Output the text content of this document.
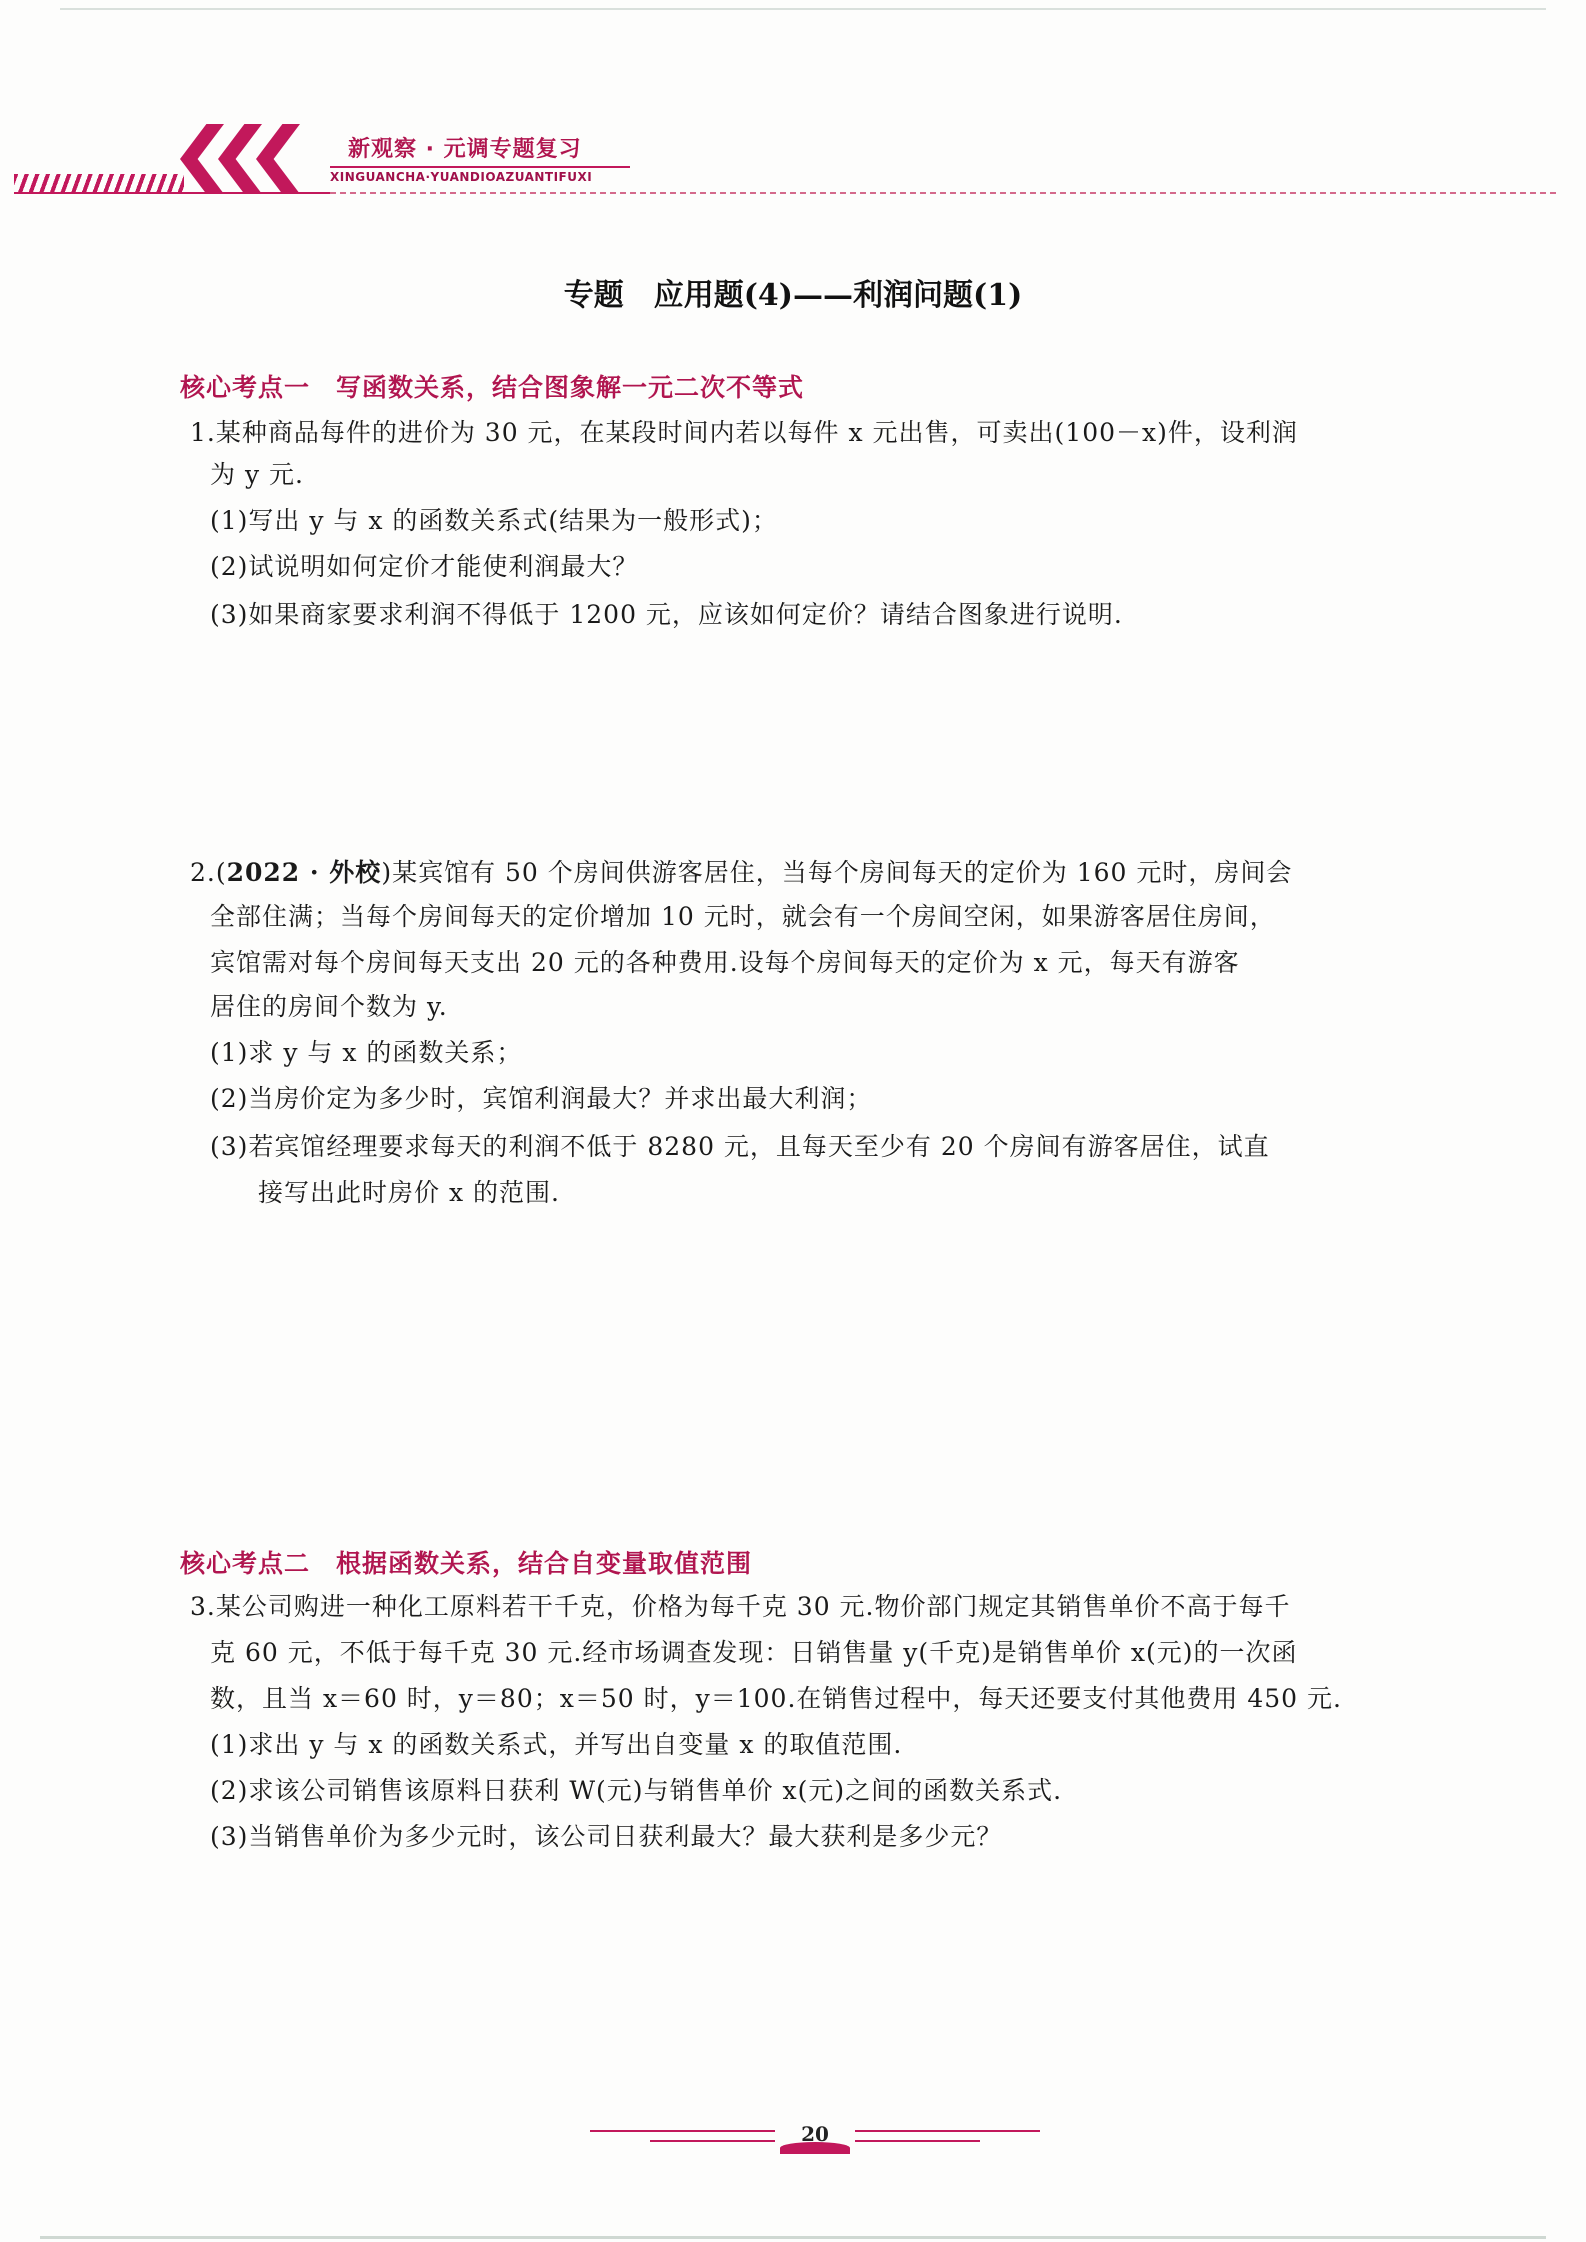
新观察 · 元调专题复习
XINGUANCHA·YUANDIOAZUANTIFUXI
专题　应用题(4)——利润问题(1)
核心考点一　写函数关系，结合图象解一元二次不等式
1.某种商品每件的进价为 30 元，在某段时间内若以每件 x 元出售，可卖出(100－x)件，设利润
为 y 元.
(1)写出 y 与 x 的函数关系式(结果为一般形式)；
(2)试说明如何定价才能使利润最大？
(3)如果商家要求利润不得低于 1200 元，应该如何定价？请结合图象进行说明.
2.(2022 · 外校)某宾馆有 50 个房间供游客居住，当每个房间每天的定价为 160 元时，房间会
全部住满；当每个房间每天的定价增加 10 元时，就会有一个房间空闲，如果游客居住房间，
宾馆需对每个房间每天支出 20 元的各种费用.设每个房间每天的定价为 x 元，每天有游客
居住的房间个数为 y.
(1)求 y 与 x 的函数关系；
(2)当房价定为多少时，宾馆利润最大？并求出最大利润；
(3)若宾馆经理要求每天的利润不低于 8280 元，且每天至少有 20 个房间有游客居住，试直
接写出此时房价 x 的范围.
核心考点二　根据函数关系，结合自变量取值范围
3.某公司购进一种化工原料若干千克，价格为每千克 30 元.物价部门规定其销售单价不高于每千
克 60 元，不低于每千克 30 元.经市场调查发现：日销售量 y(千克)是销售单价 x(元)的一次函
数，且当 x＝60 时，y＝80；x＝50 时，y＝100.在销售过程中，每天还要支付其他费用 450 元.
(1)求出 y 与 x 的函数关系式，并写出自变量 x 的取值范围.
(2)求该公司销售该原料日获利 W(元)与销售单价 x(元)之间的函数关系式.
(3)当销售单价为多少元时，该公司日获利最大？最大获利是多少元？
20
